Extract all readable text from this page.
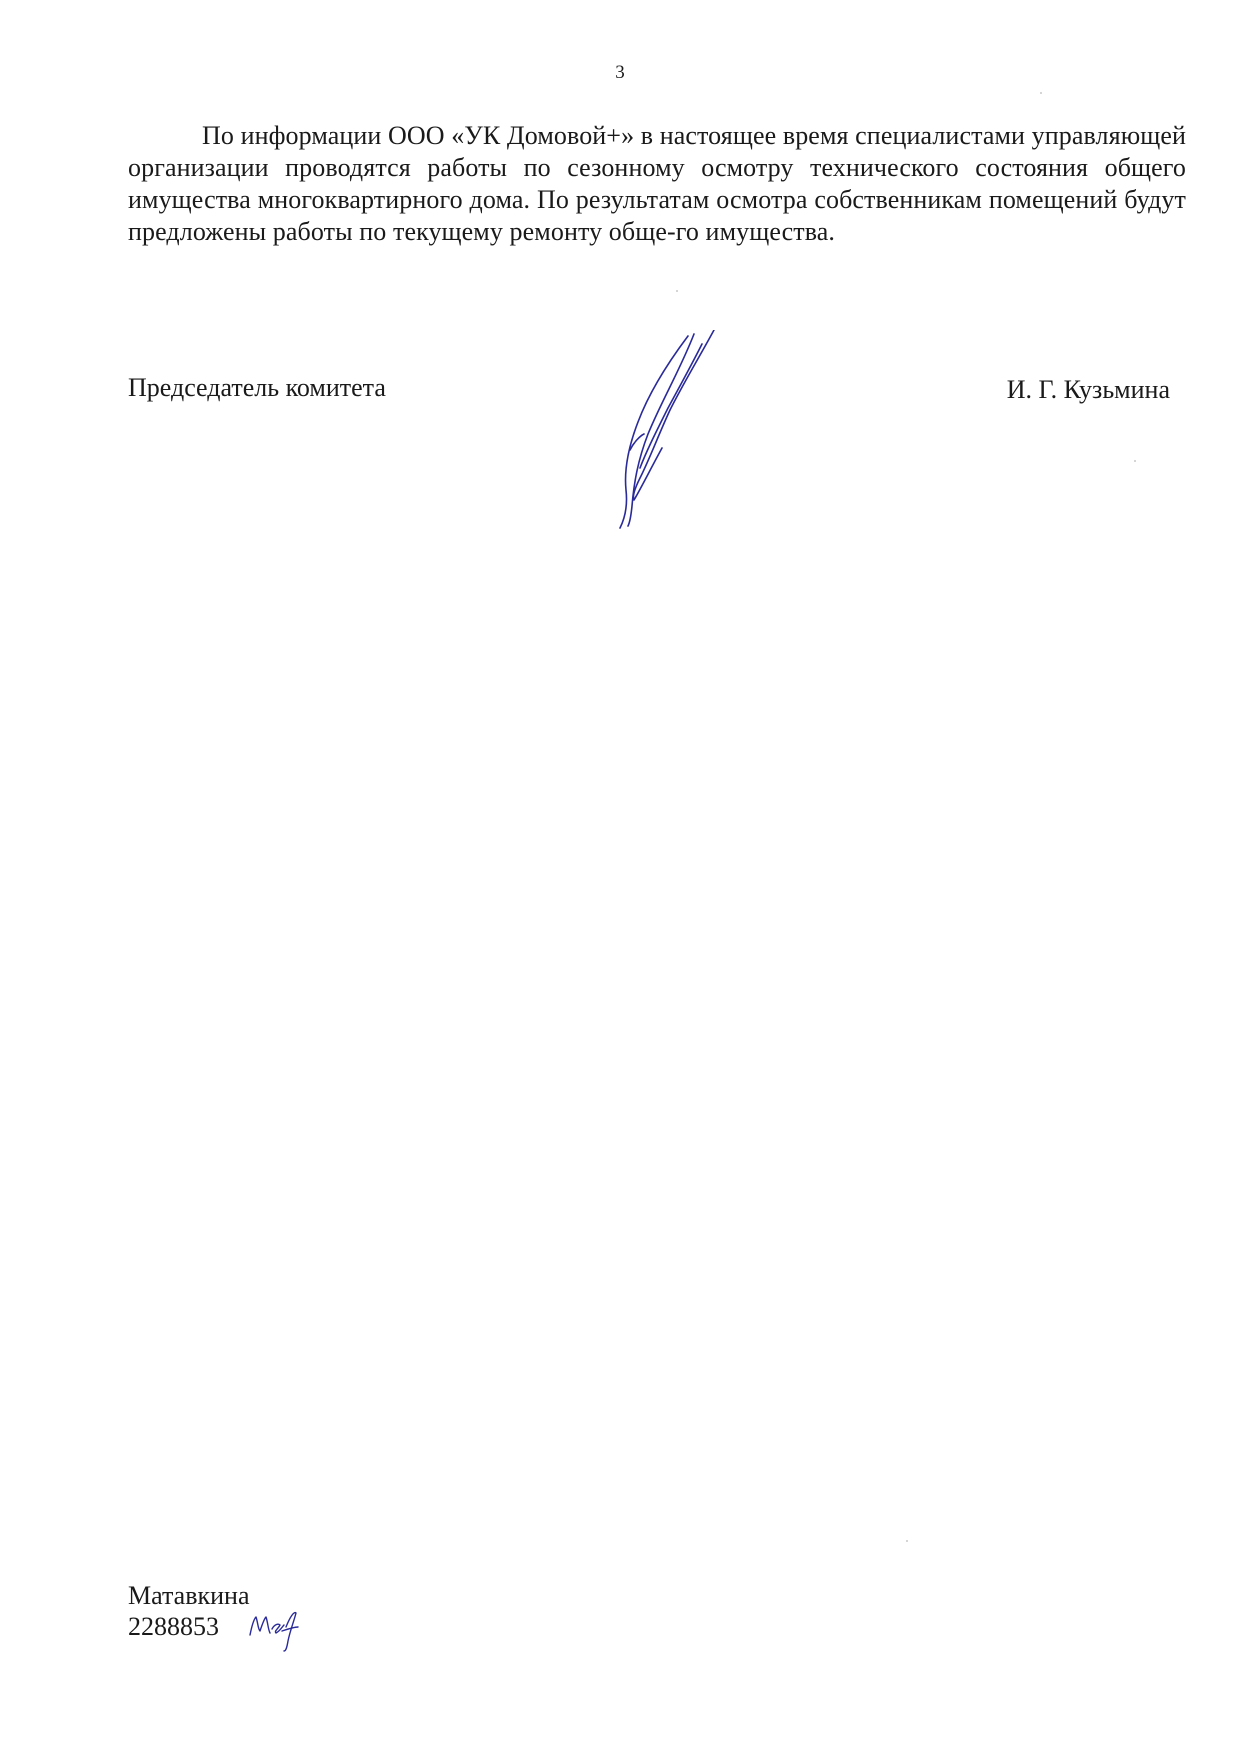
3

По информации ООО «УК Домовой+» в настоящее время специалистами управляющей организации проводятся работы по сезонному осмотру технического состояния общего имущества многоквартирного дома. По результатам осмотра собственникам помещений будут предложены работы по текущему ремонту обще-го имущества.

Председатель комитета	И. Г. Кузьмина
Матавкина
2288853
